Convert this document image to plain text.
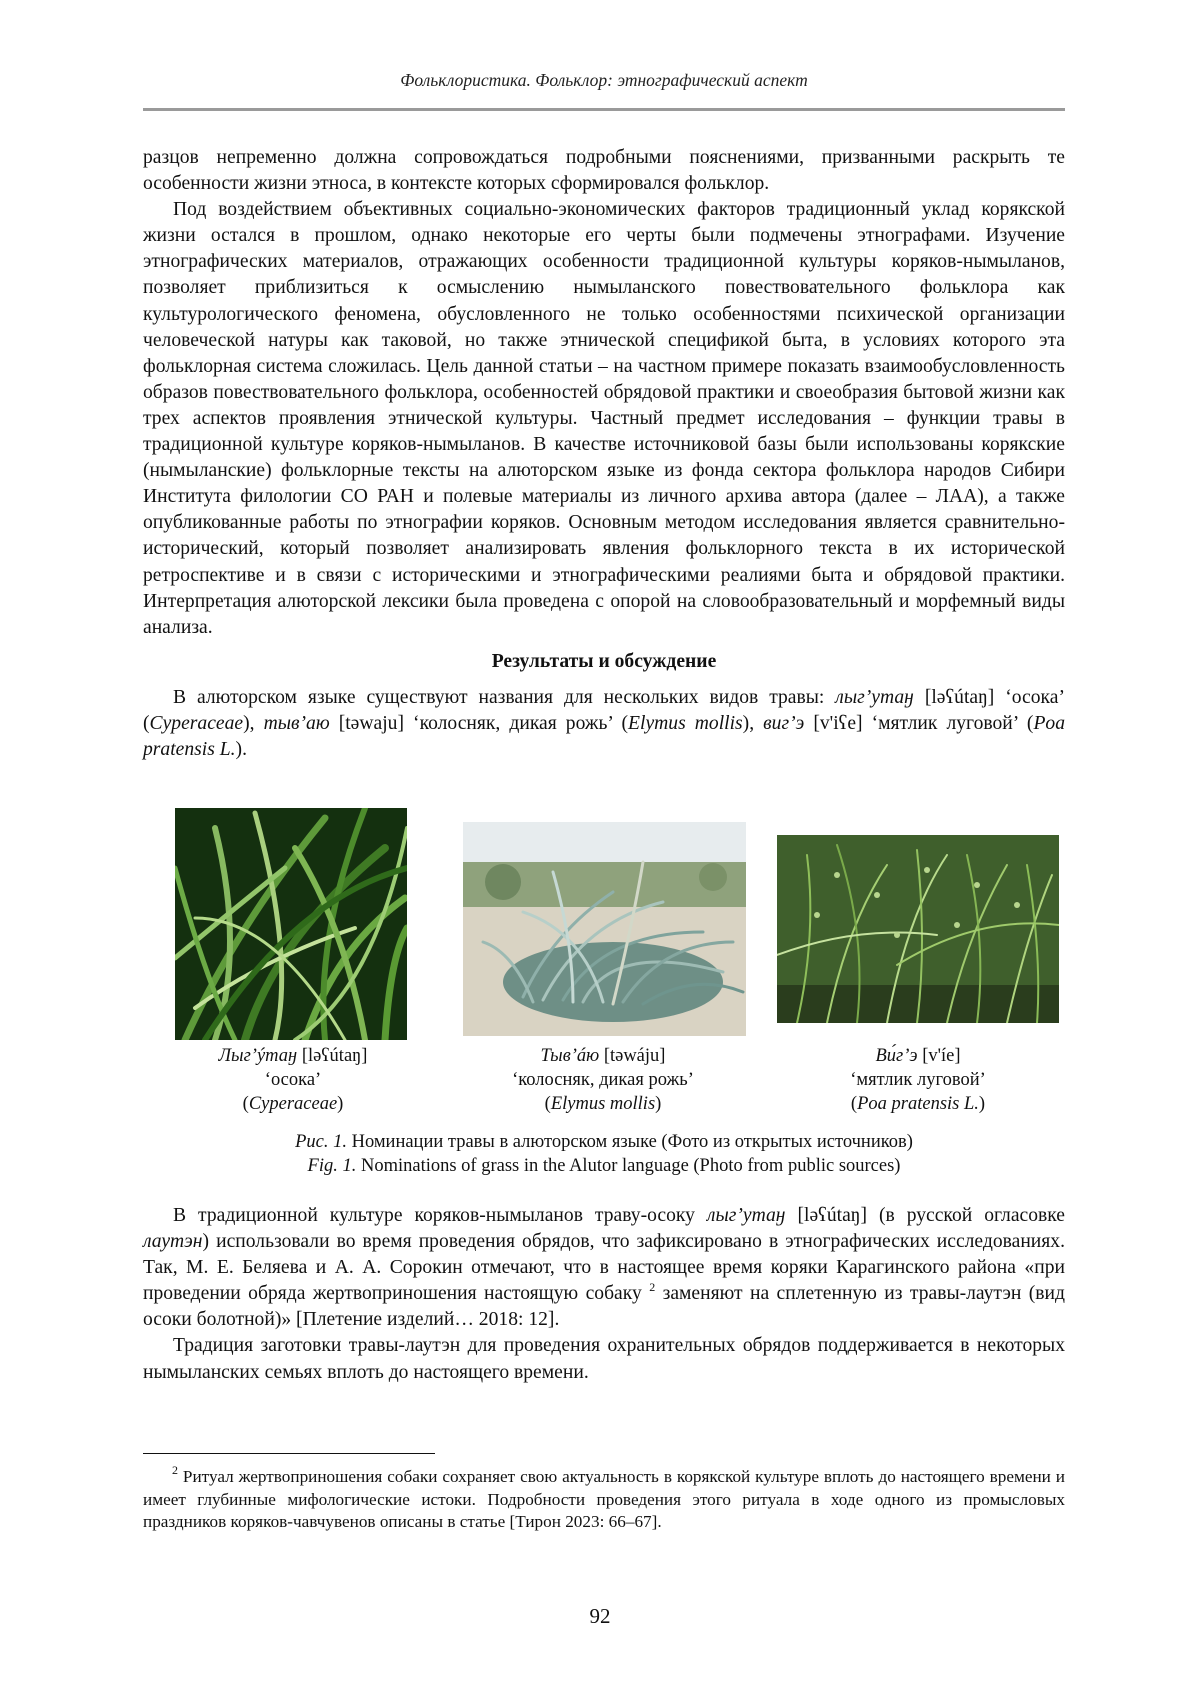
Фольклористика. Фольклор: этнографический аспект

разцов непременно должна сопровождаться подробными пояснениями, призванными раскрыть те особенности жизни этноса, в контексте которых сформировался фольклор.

Под воздействием объективных социально-экономических факторов традиционный уклад корякской жизни остался в прошлом, однако некоторые его черты были подмечены этнографами. Изучение этнографических материалов, отражающих особенности традиционной культуры коряков-нымыланов, позволяет приблизиться к осмыслению нымыланского повествовательного фольклора как культурологического феномена, обусловленного не только особенностями психической организации человеческой натуры как таковой, но также этнической спецификой быта, в условиях которого эта фольклорная система сложилась. Цель данной статьи – на частном примере показать взаимообусловленность образов повествовательного фольклора, особенностей обрядовой практики и своеобразия бытовой жизни как трех аспектов проявления этнической культуры. Частный предмет исследования – функции травы в традиционной культуре коряков-нымыланов. В качестве источниковой базы были использованы корякские (нымыланские) фольклорные тексты на алюторском языке из фонда сектора фольклора народов Сибири Института филологии СО РАН и полевые материалы из личного архива автора (далее – ЛАА), а также опубликованные работы по этнографии коряков. Основным методом исследования является сравнительно-исторический, который позволяет анализировать явления фольклорного текста в их исторической ретроспективе и в связи с историческими и этнографическими реалиями быта и обрядовой практики. Интерпретация алюторской лексики была проведена с опорой на словообразовательный и морфемный виды анализа.

Результаты и обсуждение

В алюторском языке существуют названия для нескольких видов травы: лыг’утаӈ [ləʕútaŋ] ‘осока’ (Cyperaceae), тыв’аю [təwaju] ‘колосняк, дикая рожь’ (Elymus mollis), виг’э [v'iʕe] ‘мятлик луговой’ (Poa pratensis L.).

Лыг’ýтаӈ [ləʕútaŋ]
‘осока’
(Cyperaceae)
Тыв’áю [təwáju]
‘колосняк, дикая рожь’
(Elymus mollis)
Ви́г’э [v'íe]
‘мятлик луговой’
(Poa pratensis L.)
Рис. 1. Номинации травы в алюторском языке (Фото из открытых источников)
Fig. 1. Nominations of grass in the Alutor language (Photo from public sources)

В традиционной культуре коряков-нымыланов траву-осоку лыг’утаӈ [ləʕútaŋ] (в русской огласовке лаутэн) использовали во время проведения обрядов, что зафиксировано в этнографических исследованиях. Так, М. Е. Беляева и А. А. Сорокин отмечают, что в настоящее время коряки Карагинского района «при проведении обряда жертвоприношения настоящую собаку $^2$ заменяют на сплетенную из травы-лаутэн (вид осоки болотной)» [Плетение изделий… 2018: 12].

Традиция заготовки травы-лаутэн для проведения охранительных обрядов поддерживается в некоторых нымыланских семьях вплоть до настоящего времени.

$^2$ Ритуал жертвоприношения собаки сохраняет свою актуальность в корякской культуре вплоть до настоящего времени и имеет глубинные мифологические истоки. Подробности проведения этого ритуала в ходе одного из промысловых праздников коряков-чавчувенов описаны в статье [Тирон 2023: 66–67].
92
